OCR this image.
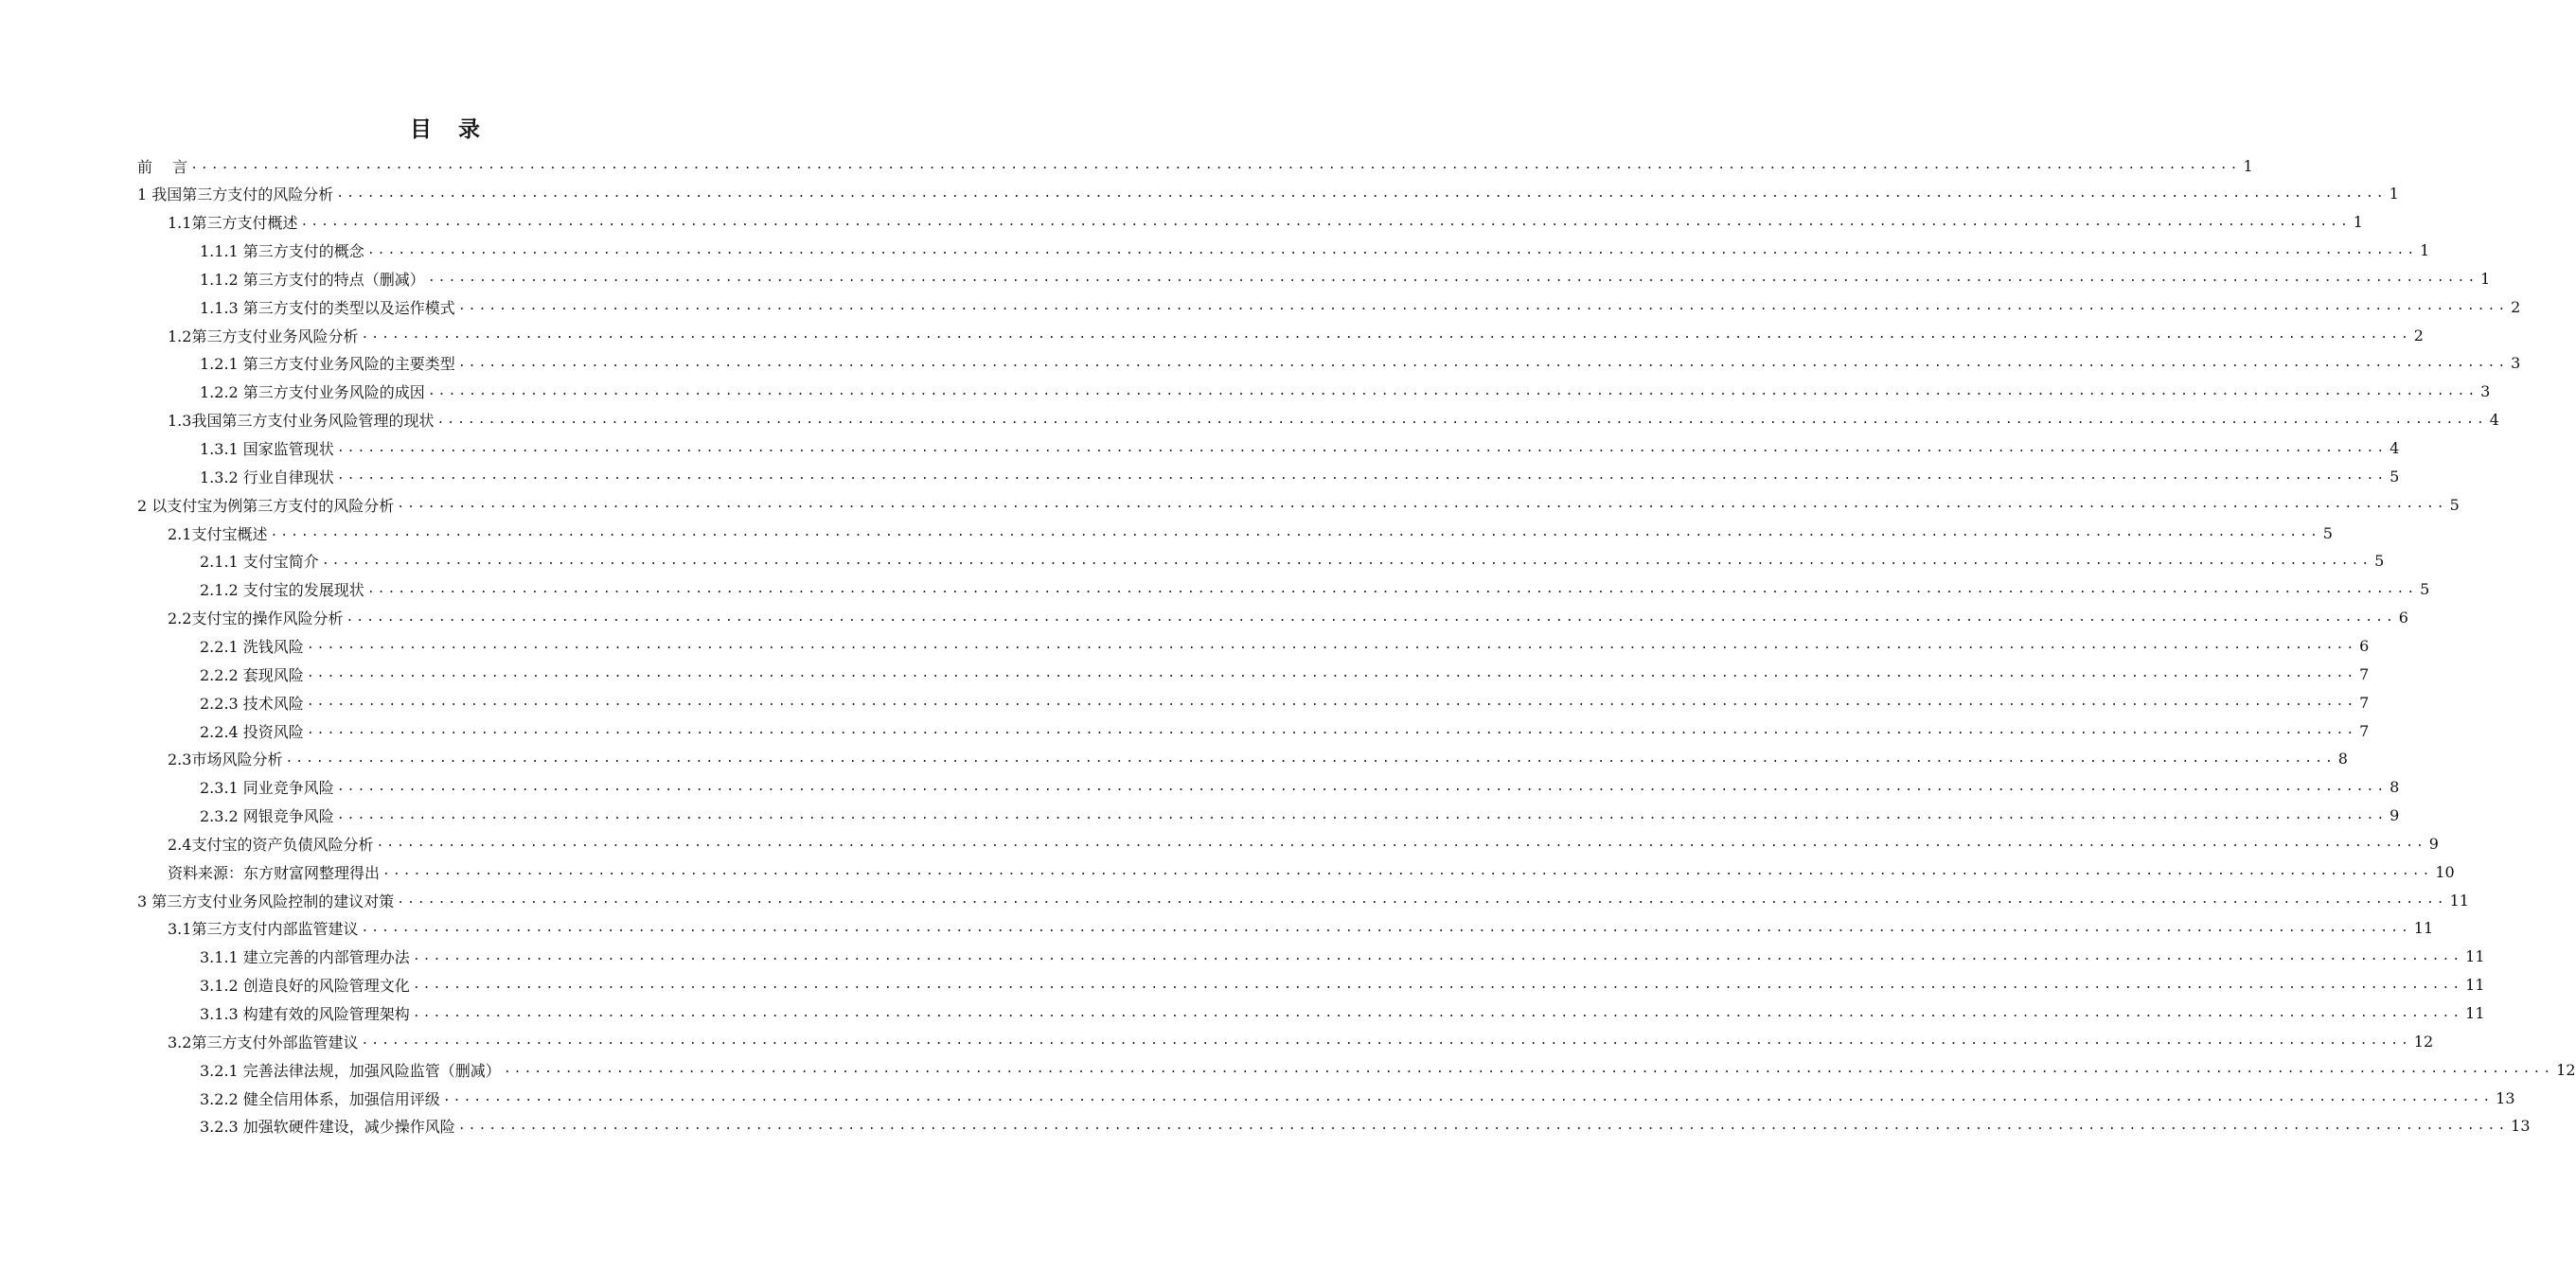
目 录
前　 言 ........................................................................................................................................................................................................ 1
1 我国第三方支付的风险分析 ........................................................................................................................................................................................................ 1
1.1第三方支付概述 ........................................................................................................................................................................................................ 1
1.1.1 第三方支付的概念 ........................................................................................................................................................................................................ 1
1.1.2 第三方支付的特点（删减） ........................................................................................................................................................................................................ 1
1.1.3 第三方支付的类型以及运作模式 ........................................................................................................................................................................................................ 2
1.2第三方支付业务风险分析 ........................................................................................................................................................................................................ 2
1.2.1 第三方支付业务风险的主要类型 ........................................................................................................................................................................................................ 3
1.2.2 第三方支付业务风险的成因 ........................................................................................................................................................................................................ 3
1.3我国第三方支付业务风险管理的现状 ........................................................................................................................................................................................................ 4
1.3.1 国家监管现状 ........................................................................................................................................................................................................ 4
1.3.2 行业自律现状 ........................................................................................................................................................................................................ 5
2 以支付宝为例第三方支付的风险分析 ........................................................................................................................................................................................................ 5
2.1支付宝概述 ........................................................................................................................................................................................................ 5
2.1.1 支付宝简介 ........................................................................................................................................................................................................ 5
2.1.2 支付宝的发展现状 ........................................................................................................................................................................................................ 5
2.2支付宝的操作风险分析 ........................................................................................................................................................................................................ 6
2.2.1 洗钱风险 ........................................................................................................................................................................................................ 6
2.2.2 套现风险 ........................................................................................................................................................................................................ 7
2.2.3 技术风险 ........................................................................................................................................................................................................ 7
2.2.4 投资风险 ........................................................................................................................................................................................................ 7
2.3市场风险分析 ........................................................................................................................................................................................................ 8
2.3.1 同业竞争风险 ........................................................................................................................................................................................................ 8
2.3.2 网银竞争风险 ........................................................................................................................................................................................................ 9
2.4支付宝的资产负债风险分析 ........................................................................................................................................................................................................ 9
资料来源：东方财富网整理得出 ........................................................................................................................................................................................................ 10
3 第三方支付业务风险控制的建议对策 ........................................................................................................................................................................................................ 11
3.1第三方支付内部监管建议 ........................................................................................................................................................................................................ 11
3.1.1 建立完善的内部管理办法 ........................................................................................................................................................................................................ 11
3.1.2 创造良好的风险管理文化 ........................................................................................................................................................................................................ 11
3.1.3 构建有效的风险管理架构 ........................................................................................................................................................................................................ 11
3.2第三方支付外部监管建议 ........................................................................................................................................................................................................ 12
3.2.1 完善法律法规，加强风险监管（删减） ........................................................................................................................................................................................................ 12
3.2.2 健全信用体系，加强信用评级 ........................................................................................................................................................................................................ 13
3.2.3 加强软硬件建设，减少操作风险 ........................................................................................................................................................................................................ 13
